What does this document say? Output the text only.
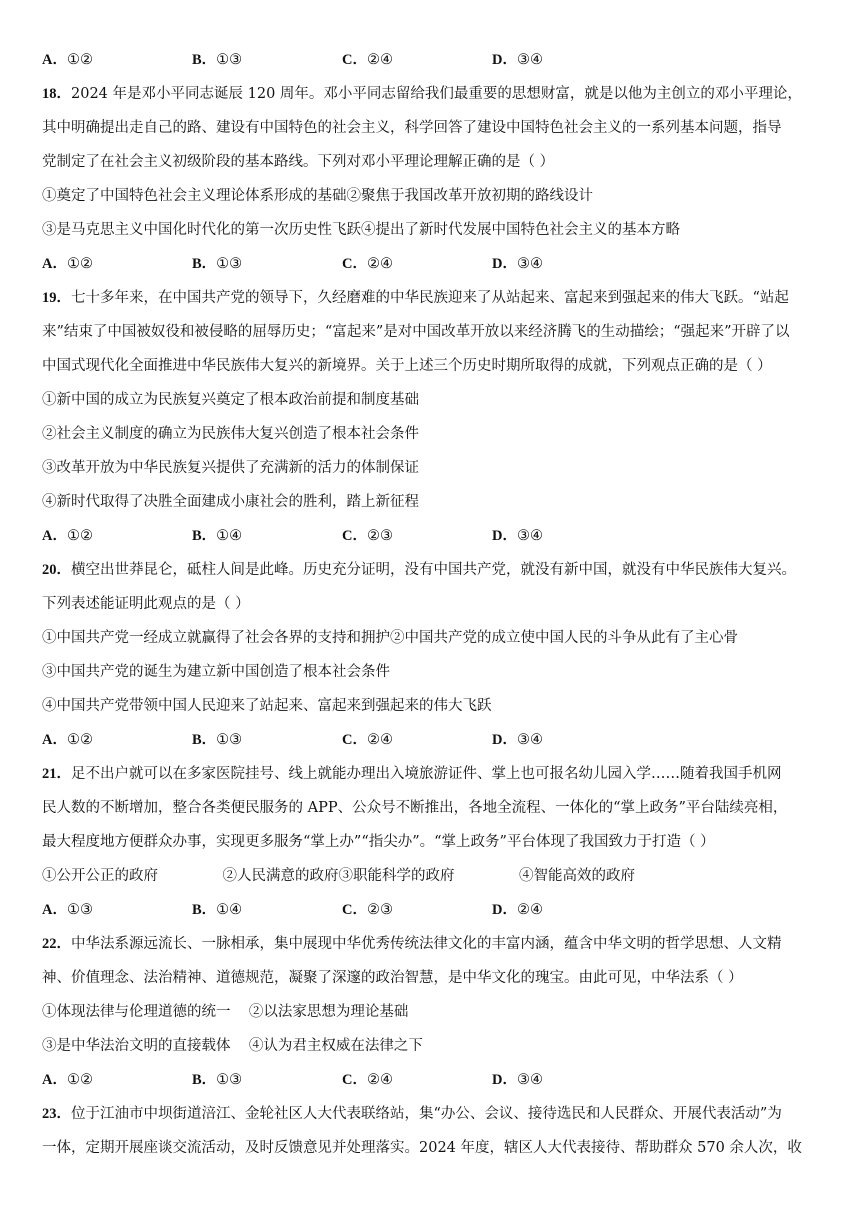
A．①②	B．①③	C．②④	D．③④
18．2024 年是邓小平同志诞辰 120 周年。邓小平同志留给我们最重要的思想财富，就是以他为主创立的邓小平理论，
其中明确提出走自己的路、建设有中国特色的社会主义，科学回答了建设中国特色社会主义的一系列基本问题，指导
党制定了在社会主义初级阶段的基本路线。下列对邓小平理论理解正确的是（ ）
①奠定了中国特色社会主义理论体系形成的基础②聚焦于我国改革开放初期的路线设计
③是马克思主义中国化时代化的第一次历史性飞跃④提出了新时代发展中国特色社会主义的基本方略
A．①②	B．①③	C．②④	D．③④
19．七十多年来，在中国共产党的领导下，久经磨难的中华民族迎来了从站起来、富起来到强起来的伟大飞跃。“站起
来”结束了中国被奴役和被侵略的屈辱历史；“富起来”是对中国改革开放以来经济腾飞的生动描绘；“强起来”开辟了以
中国式现代化全面推进中华民族伟大复兴的新境界。关于上述三个历史时期所取得的成就，下列观点正确的是（ ）
①新中国的成立为民族复兴奠定了根本政治前提和制度基础
②社会主义制度的确立为民族伟大复兴创造了根本社会条件
③改革开放为中华民族复兴提供了充满新的活力的体制保证
④新时代取得了决胜全面建成小康社会的胜利，踏上新征程
A．①②	B．①④	C．②③	D．③④
20．横空出世莽昆仑，砥柱人间是此峰。历史充分证明，没有中国共产党，就没有新中国，就没有中华民族伟大复兴。
下列表述能证明此观点的是（ ）
①中国共产党一经成立就赢得了社会各界的支持和拥护②中国共产党的成立使中国人民的斗争从此有了主心骨
③中国共产党的诞生为建立新中国创造了根本社会条件
④中国共产党带领中国人民迎来了站起来、富起来到强起来的伟大飞跃
A．①②	B．①③	C．②④	D．③④
21．足不出户就可以在多家医院挂号、线上就能办理出入境旅游证件、掌上也可报名幼儿园入学……随着我国手机网
民人数的不断增加，整合各类便民服务的 APP、公众号不断推出，各地全流程、一体化的“掌上政务”平台陆续亮相，
最大程度地方便群众办事，实现更多服务“掌上办”“指尖办”。“掌上政务”平台体现了我国致力于打造（ ）
①公开公正的政府              ②人民满意的政府③职能科学的政府              ④智能高效的政府
A．①③	B．①④	C．②③	D．②④
22．中华法系源远流长、一脉相承，集中展现中华优秀传统法律文化的丰富内涵，蕴含中华文明的哲学思想、人文精
神、价值理念、法治精神、道德规范，凝聚了深邃的政治智慧，是中华文化的瑰宝。由此可见，中华法系（ ）
①体现法律与伦理道德的统一    ②以法家思想为理论基础
③是中华法治文明的直接载体    ④认为君主权威在法律之下
A．①②	B．①③	C．②④	D．③④
23．位于江油市中坝街道涪江、金轮社区人大代表联络站，集“办公、会议、接待选民和人民群众、开展代表活动”为
一体，定期开展座谈交流活动，及时反馈意见并处理落实。2024 年度，辖区人大代表接待、帮助群众 570 余人次，收
